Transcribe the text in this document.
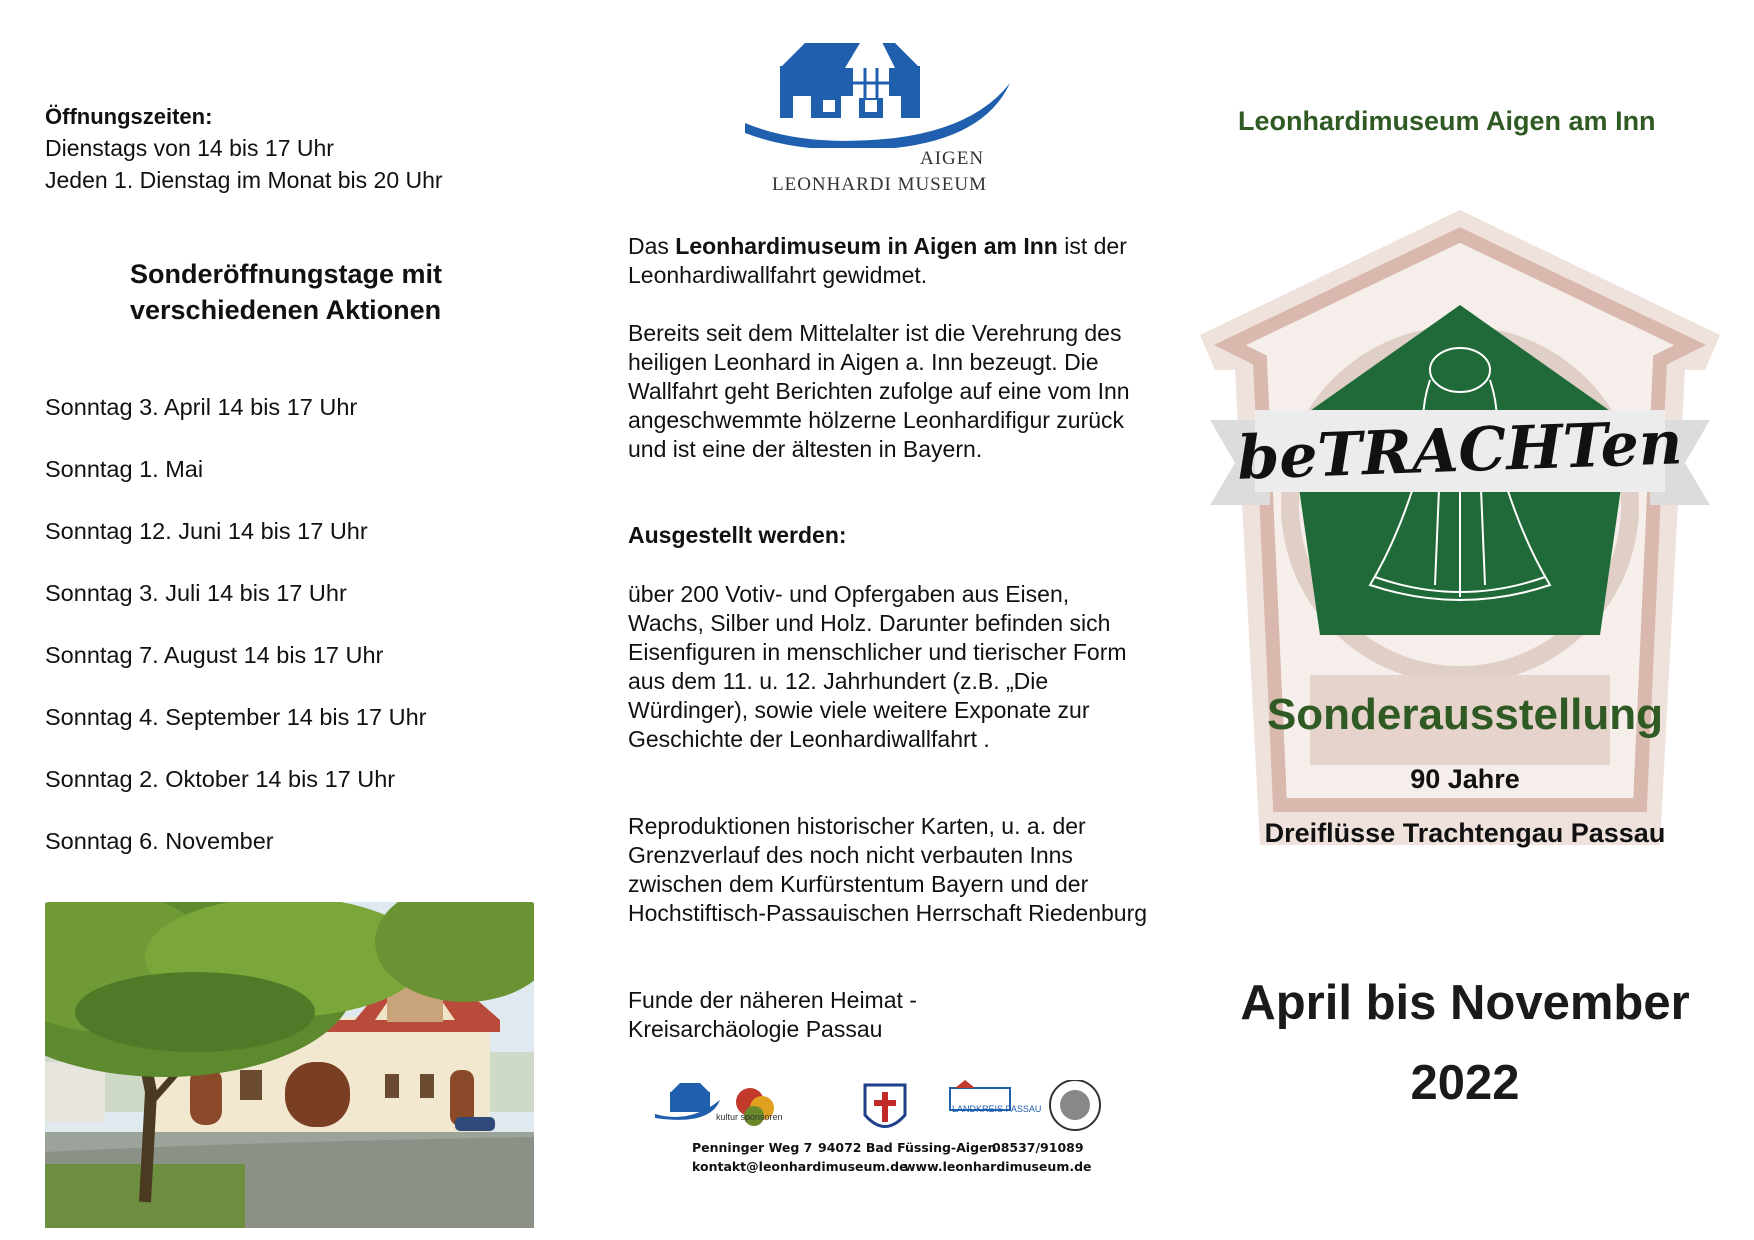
Öffnungszeiten:
Dienstags von 14 bis 17 Uhr
Jeden 1. Dienstag im Monat bis 20 Uhr
Sonderöffnungstage mit
verschiedenen Aktionen
Sonntag 3. April 14 bis 17 Uhr
Sonntag 1. Mai
Sonntag 12. Juni 14 bis 17 Uhr
Sonntag 3. Juli 14 bis 17 Uhr
Sonntag 7. August 14 bis 17 Uhr
Sonntag 4. September 14 bis 17 Uhr
Sonntag 2. Oktober 14 bis 17 Uhr
Sonntag 6. November
AIGEN
LEONHARDI MUSEUM
Das Leonhardimuseum in Aigen am Inn ist der Leonhardiwallfahrt gewidmet.
Bereits seit dem Mittelalter ist die Verehrung des heiligen Leonhard in Aigen a. Inn bezeugt. Die Wallfahrt geht Berichten zufolge auf eine vom Inn angeschwemmte hölzerne Leonhardifigur zurück und ist eine der ältesten in Bayern.
Ausgestellt werden:
über 200 Votiv- und Opfergaben aus Eisen, Wachs, Silber und Holz. Darunter befinden sich Eisenfiguren in menschlicher und tierischer Form aus dem 11. u. 12. Jahrhundert (z.B. „Die Würdinger), sowie viele weitere Exponate zur Geschichte der Leonhardiwallfahrt .
Reproduktionen historischer Karten, u. a. der Grenzverlauf des noch nicht verbauten Inns zwischen dem Kurfürstentum Bayern und der Hochstiftisch-Passauischen Herrschaft Riedenburg
Funde der näheren Heimat - Kreisarchäologie Passau
kultur sponsoren
LANDKREIS PASSAU
Penninger Weg 7 94072 Bad Füssing-Aigen
08537/91089
kontakt@leonhardimuseum.de
www.leonhardimuseum.de
Leonhardimuseum Aigen am Inn
beTRACHTen
Sonderausstellung
90 Jahre
Dreiflüsse Trachtengau Passau
April bis November
2022
